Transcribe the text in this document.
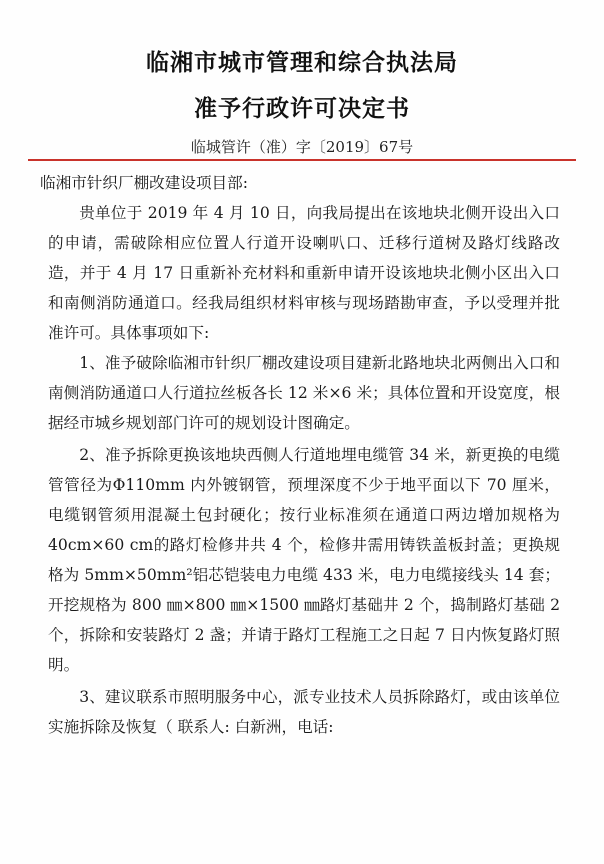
临湘市城市管理和综合执法局
准予行政许可决定书
临城管许（准）字〔2019〕67号

临湘市针织厂棚改建设项目部:

贵单位于 2019 年 4 月 10 日，向我局提出在该地块北侧开设出入口的申请，需破除相应位置人行道开设喇叭口、迁移行道树及路灯线路改造，并于 4 月 17 日重新补充材料和重新申请开设该地块北侧小区出入口和南侧消防通道口。经我局组织材料审核与现场踏勘审查，予以受理并批准许可。具体事项如下:

1、准予破除临湘市针织厂棚改建设项目建新北路地块北两侧出入口和南侧消防通道口人行道拉丝板各长 12 米×6 米；具体位置和开设宽度，根据经市城乡规划部门许可的规划设计图确定。

2、准予拆除更换该地块西侧人行道地埋电缆管 34 米，新更换的电缆管管径为Φ110mm 内外镀钢管，预埋深度不少于地平面以下 70 厘米，电缆钢管须用混凝土包封硬化；按行业标准须在通道口两边增加规格为 40cm×60 cm的路灯检修井共 4 个，检修井需用铸铁盖板封盖；更换规格为 5mm×50mm²铝芯铠装电力电缆 433 米，电力电缆接线头 14 套；开挖规格为 800 ㎜×800 ㎜×1500 ㎜路灯基础井 2 个，捣制路灯基础 2 个，拆除和安装路灯 2 盏；并请于路灯工程施工之日起 7 日内恢复路灯照明。

3、建议联系市照明服务中心，派专业技术人员拆除路灯，或由该单位实施拆除及恢复（ 联系人: 白新洲，电话:
